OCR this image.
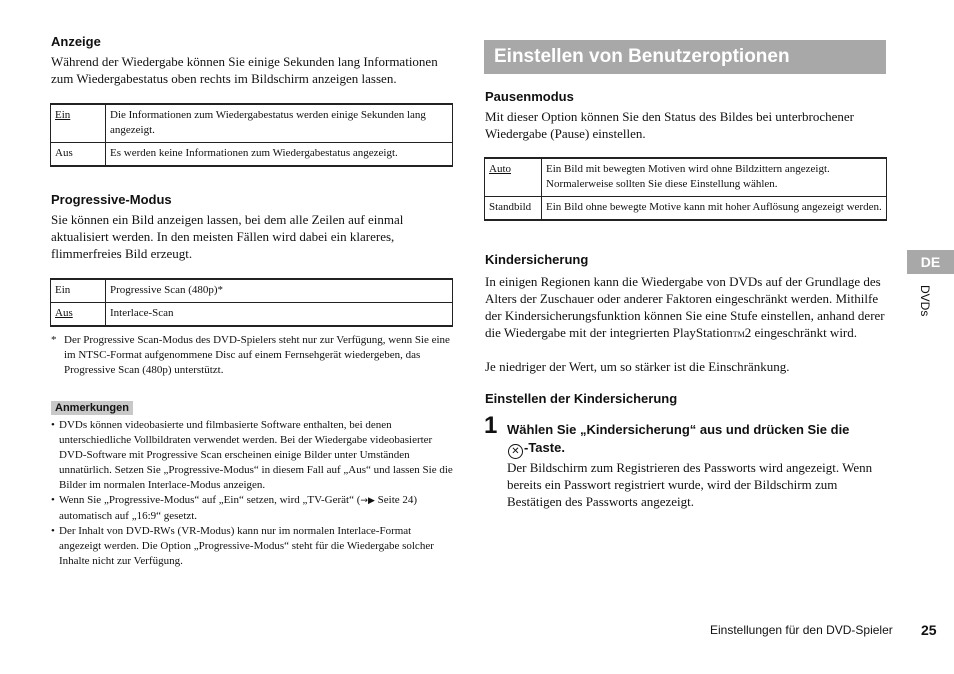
Anzeige
Während der Wiedergabe können Sie einige Sekunden lang Informationen zum Wiedergabestatus oben rechts im Bildschirm anzeigen lassen.
Ein	Die Informationen zum Wiedergabestatus werden einige Sekunden lang angezeigt.
Aus	Es werden keine Informationen zum Wiedergabestatus angezeigt.
Progressive-Modus
Sie können ein Bild anzeigen lassen, bei dem alle Zeilen auf einmal aktualisiert werden. In den meisten Fällen wird dabei ein klareres, flimmerfreies Bild erzeugt.
Ein	Progressive Scan (480p)*
Aus	Interlace-Scan
* Der Progressive Scan-Modus des DVD-Spielers steht nur zur Verfügung, wenn Sie eine im NTSC-Format aufgenommene Disc auf einem Fernsehgerät wiedergeben, das Progressive Scan (480p) unterstützt.
Anmerkungen
• DVDs können videobasierte und filmbasierte Software enthalten, bei denen unterschiedliche Vollbildraten verwendet werden. Bei der Wiedergabe videobasierter DVD-Software mit Progressive Scan erscheinen einige Bilder unter Umständen unnatürlich. Setzen Sie „Progressive-Modus“ in diesem Fall auf „Aus“ und lassen Sie die Bilder im normalen Interlace-Modus anzeigen.
• Wenn Sie „Progressive-Modus“ auf „Ein“ setzen, wird „TV-Gerät“ (→▶ Seite 24) automatisch auf „16:9“ gesetzt.
• Der Inhalt von DVD-RWs (VR-Modus) kann nur im normalen Interlace-Format angezeigt werden. Die Option „Progressive-Modus“ steht für die Wiedergabe solcher Inhalte nicht zur Verfügung.
Einstellen von Benutzeroptionen
Pausenmodus
Mit dieser Option können Sie den Status des Bildes bei unterbrochener Wiedergabe (Pause) einstellen.
Auto	Ein Bild mit bewegten Motiven wird ohne Bildzittern angezeigt. Normalerweise sollten Sie diese Einstellung wählen.
Standbild	Ein Bild ohne bewegte Motive kann mit hoher Auflösung angezeigt werden.
Kindersicherung
In einigen Regionen kann die Wiedergabe von DVDs auf der Grundlage des Alters der Zuschauer oder anderer Faktoren eingeschränkt werden. Mithilfe der Kindersicherungsfunktion können Sie eine Stufe einstellen, anhand derer die Wiedergabe mit der integrierten PlayStationTM2 eingeschränkt wird.
Je niedriger der Wert, um so stärker ist die Einschränkung.
Einstellen der Kindersicherung
1 Wählen Sie „Kindersicherung“ aus und drücken Sie die
✕ -Taste.
Der Bildschirm zum Registrieren des Passworts wird angezeigt. Wenn bereits ein Passwort registriert wurde, wird der Bildschirm zum Bestätigen des Passworts angezeigt.
DE
DVDs
Einstellungen für den DVD-Spieler 25
